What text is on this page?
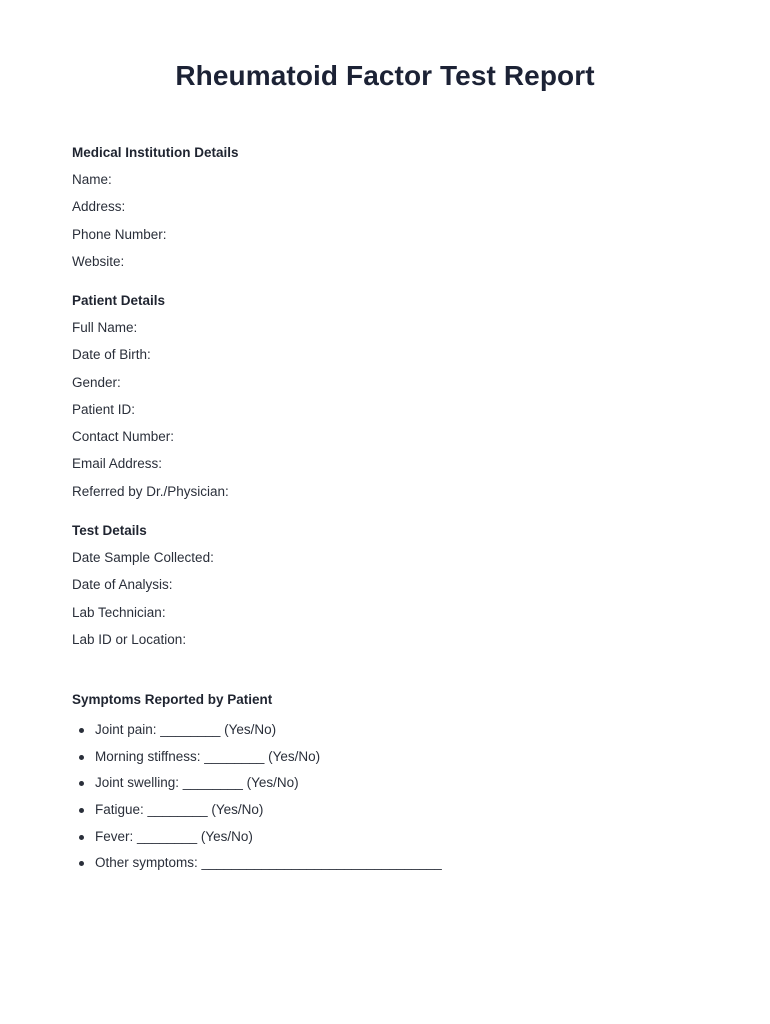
Rheumatoid Factor Test Report
Medical Institution Details
Name:
Address:
Phone Number:
Website:
Patient Details
Full Name:
Date of Birth:
Gender:
Patient ID:
Contact Number:
Email Address:
Referred by Dr./Physician:
Test Details
Date Sample Collected:
Date of Analysis:
Lab Technician:
Lab ID or Location:
Symptoms Reported by Patient
Joint pain: ________ (Yes/No)
Morning stiffness: ________ (Yes/No)
Joint swelling: ________ (Yes/No)
Fatigue: ________ (Yes/No)
Fever: ________ (Yes/No)
Other symptoms: ________________________________
